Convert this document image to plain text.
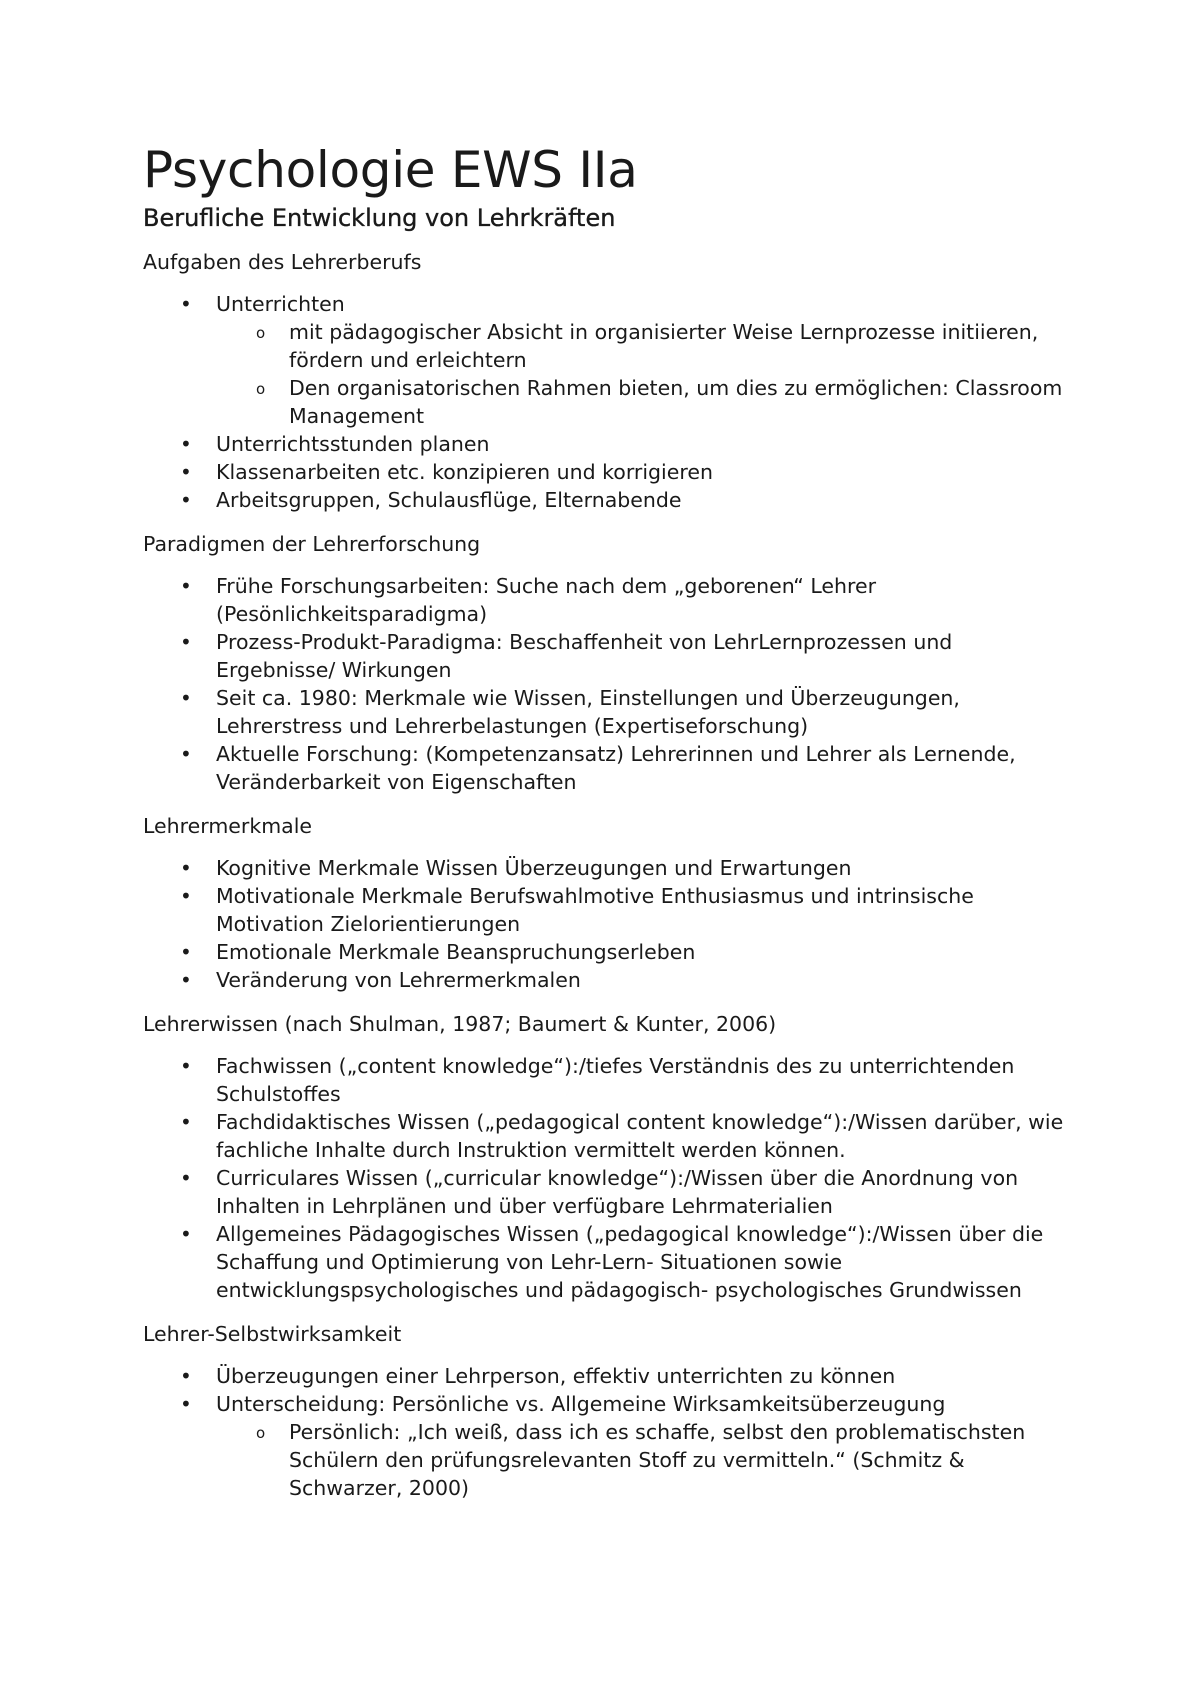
Psychologie EWS IIa
Berufliche Entwicklung von Lehrkräften
Aufgaben des Lehrerberufs
• Unterrichten
o mit pädagogischer Absicht in organisierter Weise Lernprozesse initiieren, fördern und erleichtern
o Den organisatorischen Rahmen bieten, um dies zu ermöglichen: Classroom Management
• Unterrichtsstunden planen
• Klassenarbeiten etc. konzipieren und korrigieren
• Arbeitsgruppen, Schulausflüge, Elternabende
Paradigmen der Lehrerforschung
• Frühe Forschungsarbeiten: Suche nach dem „geborenen“ Lehrer (Pesönlichkeitsparadigma)
• Prozess-Produkt-Paradigma: Beschaffenheit von LehrLernprozessen und Ergebnisse/ Wirkungen
• Seit ca. 1980: Merkmale wie Wissen, Einstellungen und Überzeugungen, Lehrerstress und Lehrerbelastungen (Expertiseforschung)
• Aktuelle Forschung: (Kompetenzansatz) Lehrerinnen und Lehrer als Lernende, Veränderbarkeit von Eigenschaften
Lehrermerkmale
• Kognitive Merkmale Wissen Überzeugungen und Erwartungen
• Motivationale Merkmale Berufswahlmotive Enthusiasmus und intrinsische Motivation Zielorientierungen
• Emotionale Merkmale Beanspruchungserleben
• Veränderung von Lehrermerkmalen
Lehrerwissen (nach Shulman, 1987; Baumert & Kunter, 2006)
• Fachwissen („content knowledge“):/tiefes Verständnis des zu unterrichtenden Schulstoffes
• Fachdidaktisches Wissen („pedagogical content knowledge“):/Wissen darüber, wie fachliche Inhalte durch Instruktion vermittelt werden können.
• Curriculares Wissen („curricular knowledge“):/Wissen über die Anordnung von Inhalten in Lehrplänen und über verfügbare Lehrmaterialien
• Allgemeines Pädagogisches Wissen („pedagogical knowledge“):/Wissen über die Schaffung und Optimierung von Lehr-Lern- Situationen sowie entwicklungspsychologisches und pädagogisch- psychologisches Grundwissen
Lehrer-Selbstwirksamkeit
• Überzeugungen einer Lehrperson, effektiv unterrichten zu können
• Unterscheidung: Persönliche vs. Allgemeine Wirksamkeitsüberzeugung
o Persönlich: „Ich weiß, dass ich es schaffe, selbst den problematischsten Schülern den prüfungsrelevanten Stoff zu vermitteln.“ (Schmitz & Schwarzer, 2000)
